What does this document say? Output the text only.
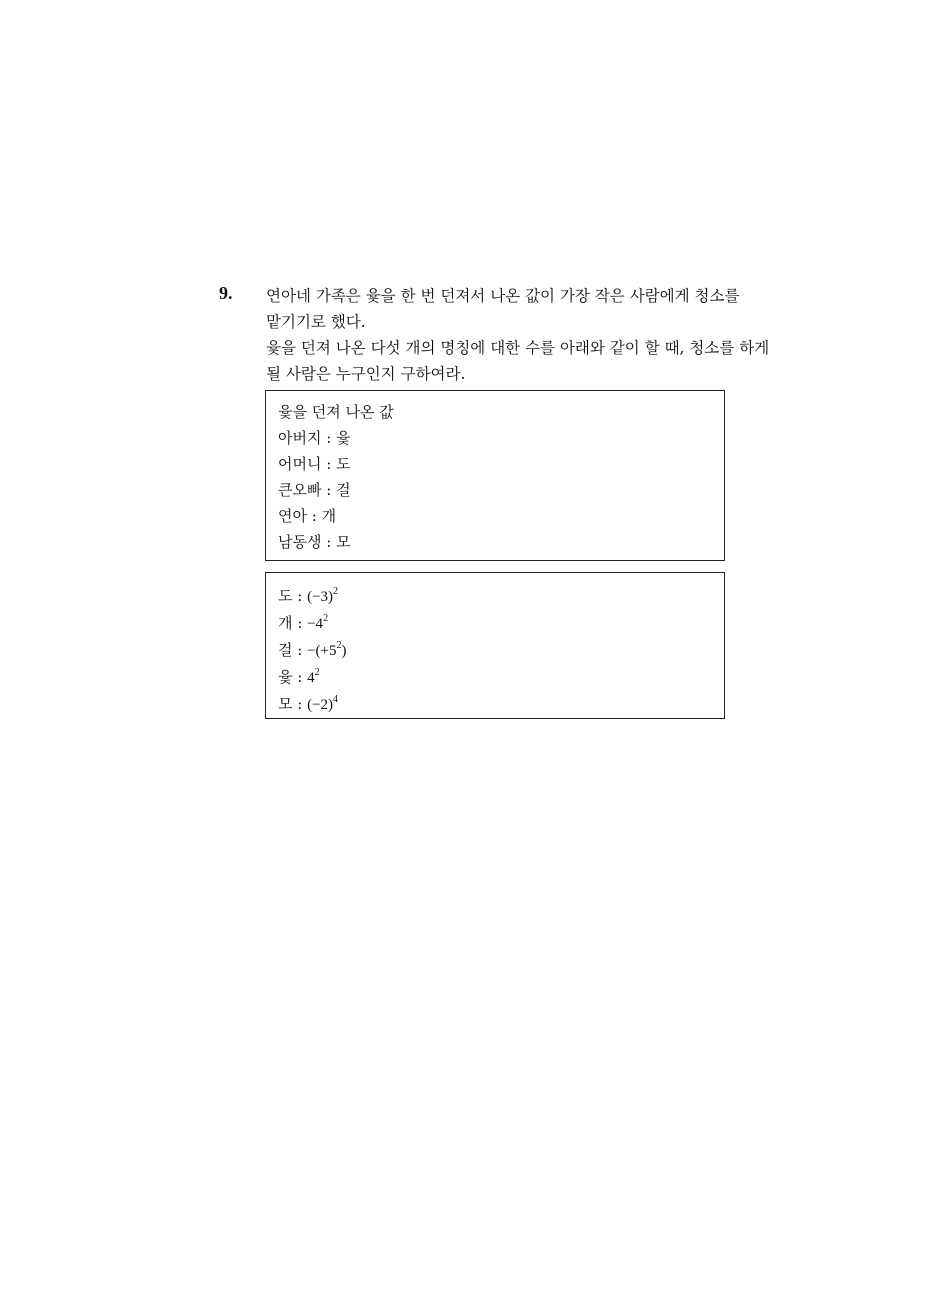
9. 연아네 가족은 윷을 한 번 던져서 나온 값이 가장 작은 사람에게 청소를
맡기기로 했다.
윷을 던져 나온 다섯 개의 명칭에 대한 수를 아래와 같이 할 때, 청소를 하게
될 사람은 누구인지 구하여라.
윷을 던져 나온 값
아버지 : 윷
어머니 : 도
큰오빠 : 걸
연아 : 개
남동생 : 모
도 : $(-3)^2$
개 : $-4^2$
걸 : $-(+5^2)$
윷 : $4^2$
모 : $(-2)^4$
